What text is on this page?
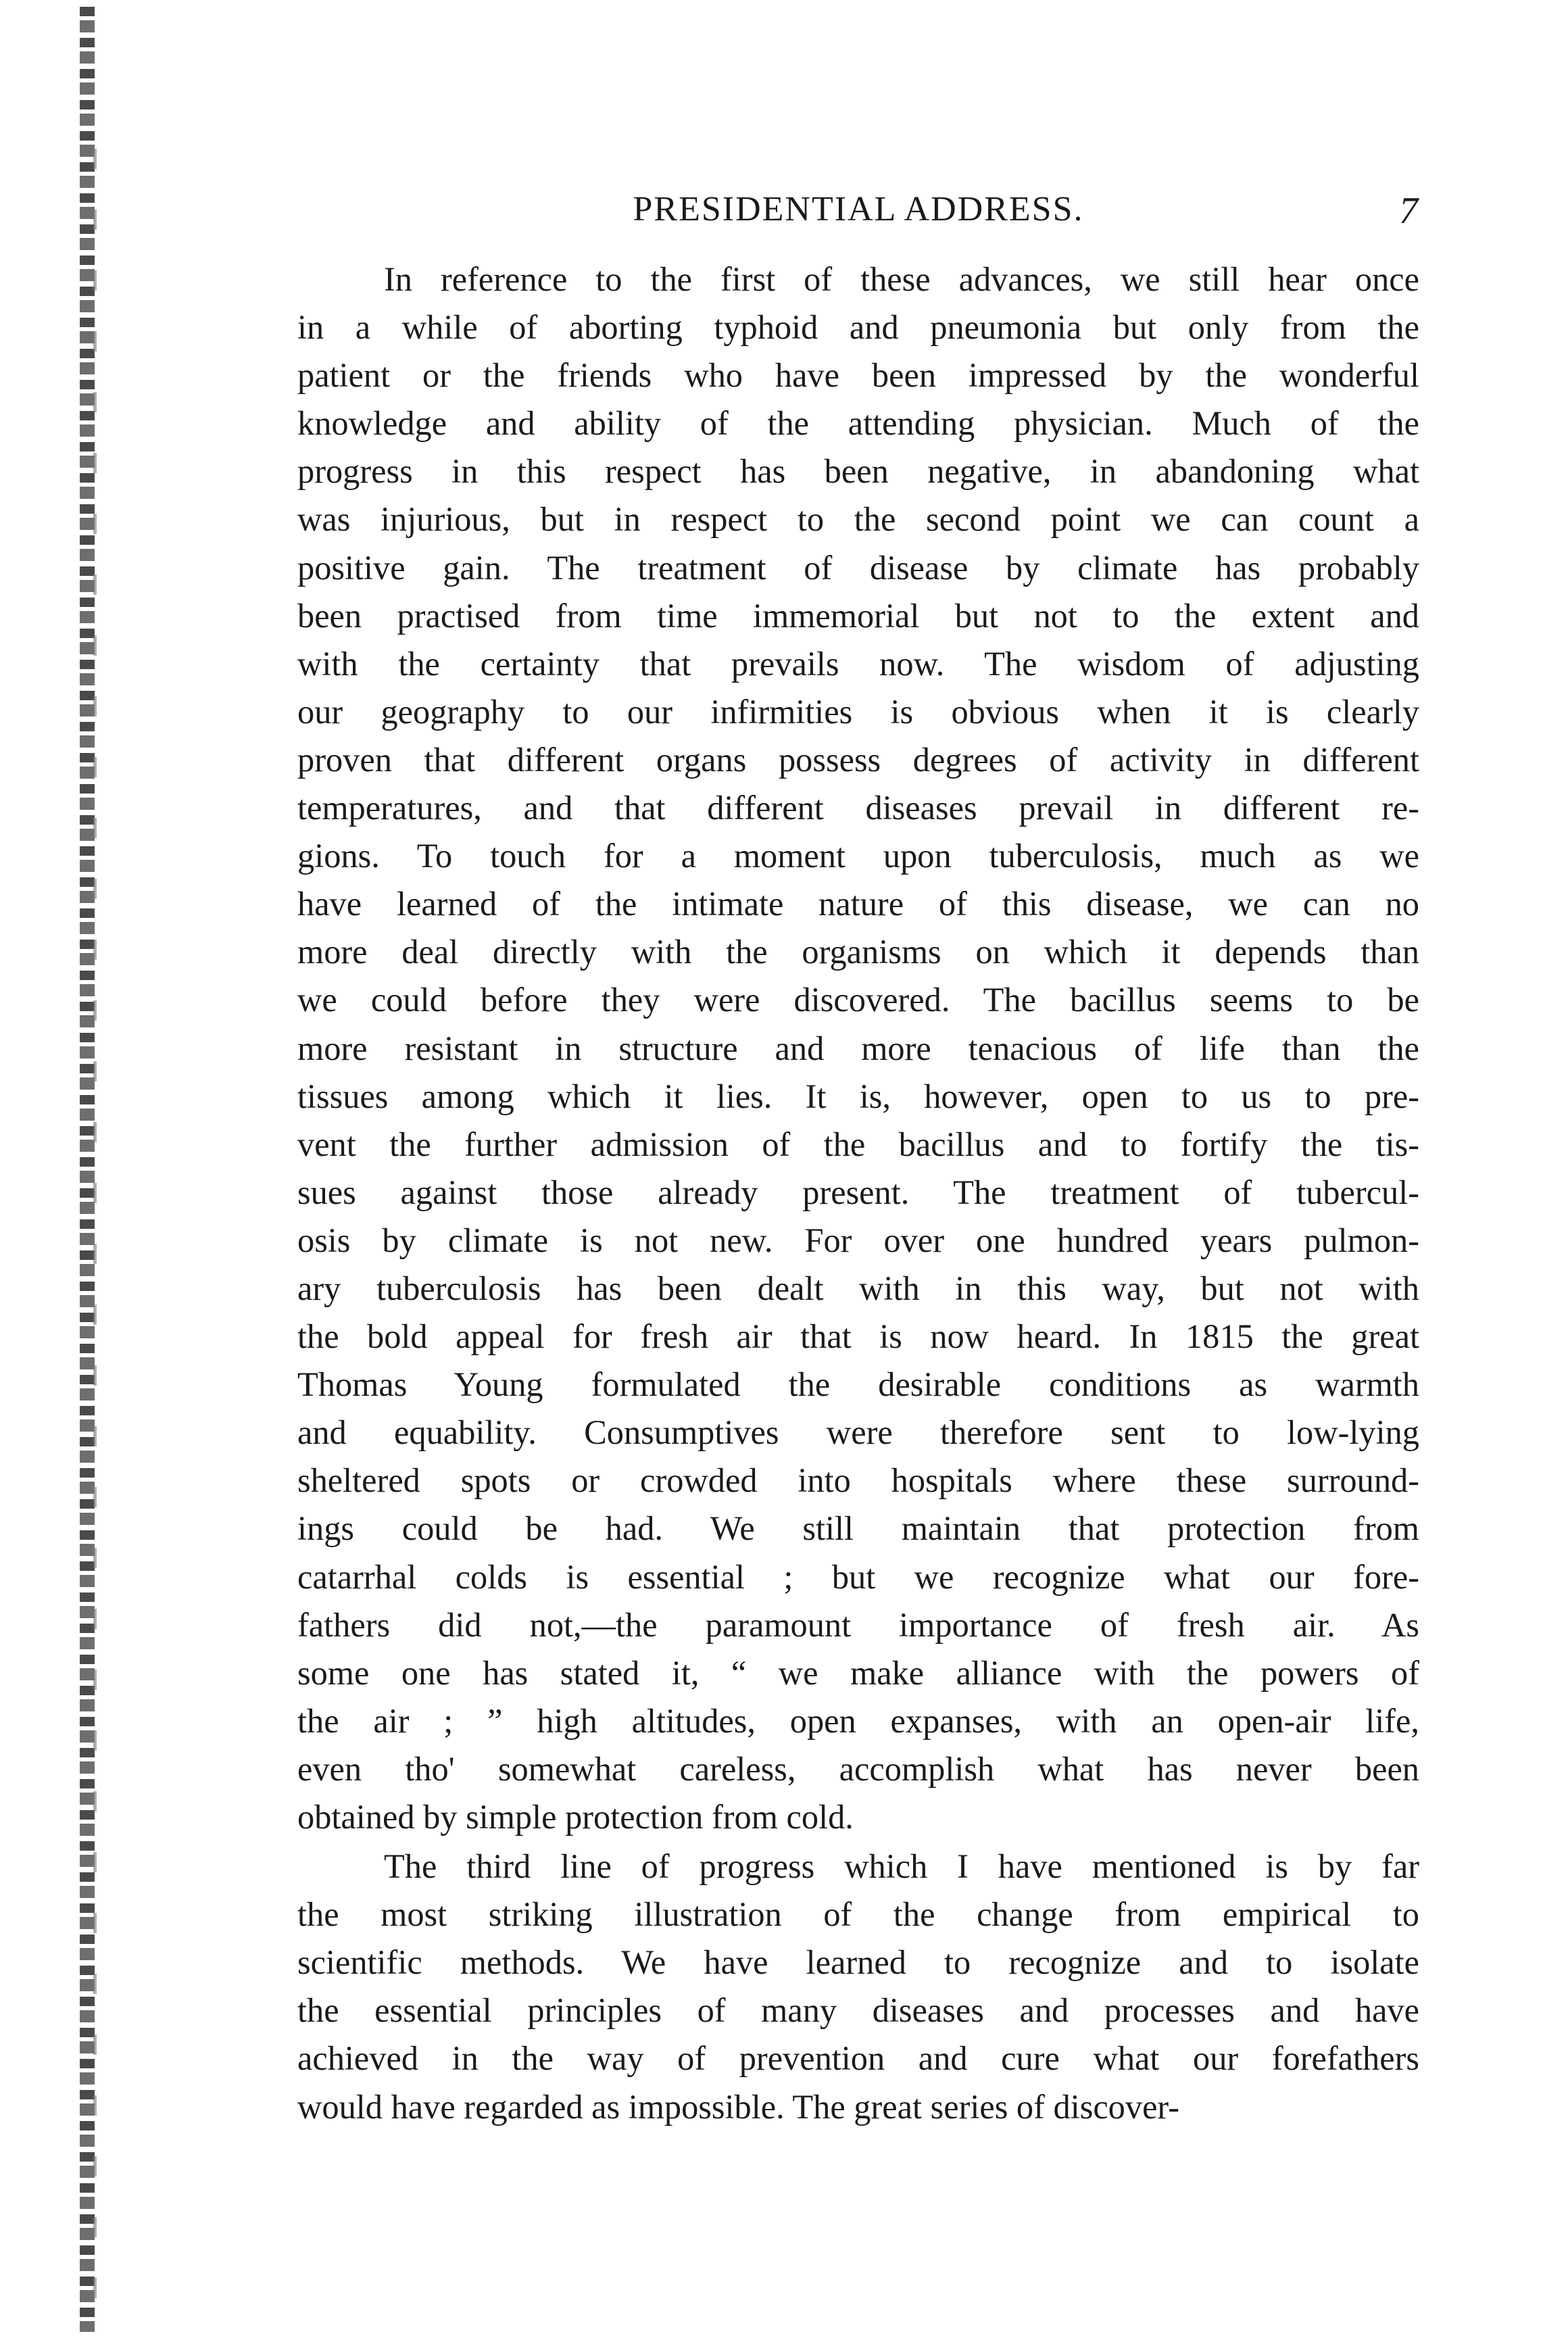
PRESIDENTIAL ADDRESS.	7
In reference to the first of these advances, we still hear once
in a while of aborting typhoid and pneumonia but only from the
patient or the friends who have been impressed by the wonderful
knowledge and ability of the attending physician. Much of the
progress in this respect has been negative, in abandoning what
was injurious, but in respect to the second point we can count a
positive gain. The treatment of disease by climate has probably
been practised from time immemorial but not to the extent and
with the certainty that prevails now. The wisdom of adjusting
our geography to our infirmities is obvious when it is clearly
proven that different organs possess degrees of activity in different
temperatures, and that different diseases prevail in different re-
gions. To touch for a moment upon tuberculosis, much as we
have learned of the intimate nature of this disease, we can no
more deal directly with the organisms on which it depends than
we could before they were discovered. The bacillus seems to be
more resistant in structure and more tenacious of life than the
tissues among which it lies. It is, however, open to us to pre-
vent the further admission of the bacillus and to fortify the tis-
sues against those already present. The treatment of tubercul-
osis by climate is not new. For over one hundred years pulmon-
ary tuberculosis has been dealt with in this way, but not with
the bold appeal for fresh air that is now heard. In 1815 the great
Thomas Young formulated the desirable conditions as warmth
and equability. Consumptives were therefore sent to low-lying
sheltered spots or crowded into hospitals where these surround-
ings could be had. We still maintain that protection from
catarrhal colds is essential ; but we recognize what our fore-
fathers did not,—the paramount importance of fresh air. As
some one has stated it, “ we make alliance with the powers of
the air ; ” high altitudes, open expanses, with an open-air life,
even tho' somewhat careless, accomplish what has never been
obtained by simple protection from cold.
The third line of progress which I have mentioned is by far
the most striking illustration of the change from empirical to
scientific methods. We have learned to recognize and to isolate
the essential principles of many diseases and processes and have
achieved in the way of prevention and cure what our forefathers
would have regarded as impossible. The great series of discover-
